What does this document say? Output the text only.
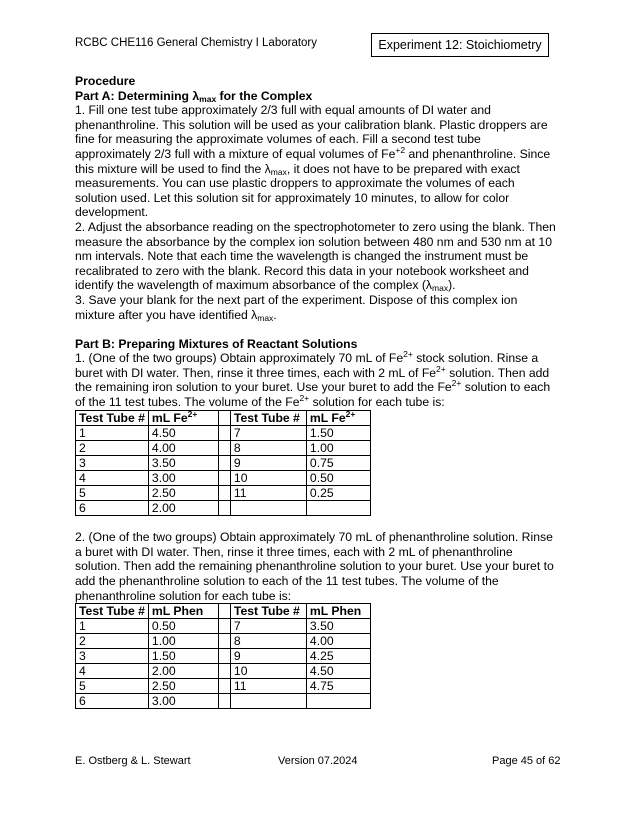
RCBC CHE116 General Chemistry I Laboratory	Experiment 12: Stoichiometry

Procedure

Part A: Determining $\lambda_{max}$ for the Complex

1. Fill one test tube approximately 2/3 full with equal amounts of DI water and phenanthroline. This solution will be used as your calibration blank. Plastic droppers are fine for measuring the approximate volumes of each. Fill a second test tube approximately 2/3 full with a mixture of equal volumes of $Fe^{+2}$ and phenanthroline. Since this mixture will be used to find the $\lambda_{max}$, it does not have to be prepared with exact measurements. You can use plastic droppers to approximate the volumes of each solution used. Let this solution sit for approximately 10 minutes, to allow for color development.

2. Adjust the absorbance reading on the spectrophotometer to zero using the blank. Then measure the absorbance by the complex ion solution between 480 nm and 530 nm at 10 nm intervals. Note that each time the wavelength is changed the instrument must be recalibrated to zero with the blank. Record this data in your notebook worksheet and identify the wavelength of maximum absorbance of the complex $(\lambda_{max})$.

3. Save your blank for the next part of the experiment. Dispose of this complex ion mixture after you have identified $\lambda_{max}$.

Part B: Preparing Mixtures of Reactant Solutions

1. (One of the two groups) Obtain approximately 70 mL of $Fe^{2+}$ stock solution. Rinse a buret with DI water. Then, rinse it three times, each with 2 mL of $Fe^{2+}$ solution. Then add the remaining iron solution to your buret. Use your buret to add the $Fe^{2+}$ solution to each of the 11 test tubes. The volume of the $Fe^{2+}$ solution for each tube is:

Test Tube #	mL $Fe^{2+}$		Test Tube #	mL $Fe^{2+}$
1	4.50		7	1.50
2	4.00		8	1.00
3	3.50		9	0.75
4	3.00		10	0.50
5	2.50		11	0.25
6	2.00			

2. (One of the two groups) Obtain approximately 70 mL of phenanthroline solution. Rinse a buret with DI water. Then, rinse it three times, each with 2 mL of phenanthroline solution. Then add the remaining phenanthroline solution to your buret. Use your buret to add the phenanthroline solution to each of the 11 test tubes. The volume of the phenanthroline solution for each tube is:

Test Tube #	mL Phen		Test Tube #	mL Phen
1	0.50		7	3.50
2	1.00		8	4.00
3	1.50		9	4.25
4	2.00		10	4.50
5	2.50		11	4.75
6	3.00			
E. Ostberg & L. Stewart	Version 07.2024	Page 45 of 62
